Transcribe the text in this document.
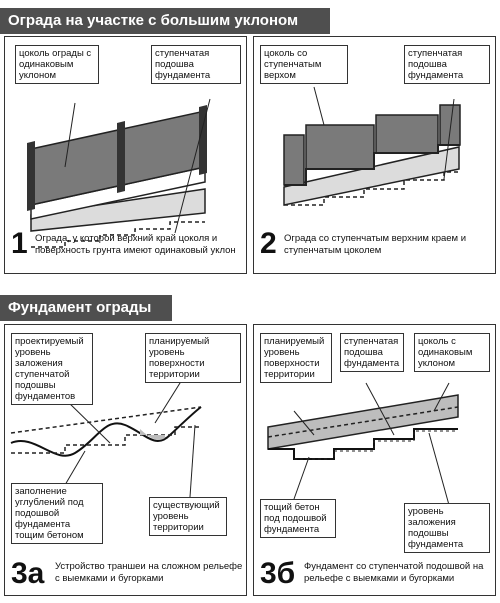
Ограда на участке с большим уклоном
цоколь ограды с одинаковым уклоном
ступенчатая подошва фундамента
1 Ограда, у которой верхний край цоколя и поверхность грунта имеют одинаковый уклон
цоколь со ступенчатым верхом
ступенчатая подошва фундамента
2 Ограда со ступенчатым верхним краем и ступенчатым цоколем
Фундамент ограды
проектируемый уровень заложения ступенчатой подошвы фундаментов
планируемый уровень поверхности территории
заполнение углублений под подошвой фундамента тощим бетоном
существующий уровень территории
3а Устройство траншеи на сложном рельефе с выемками и бугорками
планируемый уровень поверхности территории
ступенчатая подошва фундамента
цоколь с одинаковым уклоном
тощий бетон под подошвой фундамента
уровень заложения подошвы фундамента
3б Фундамент со ступенчатой подошвой на рельефе с выемками и бугорками
